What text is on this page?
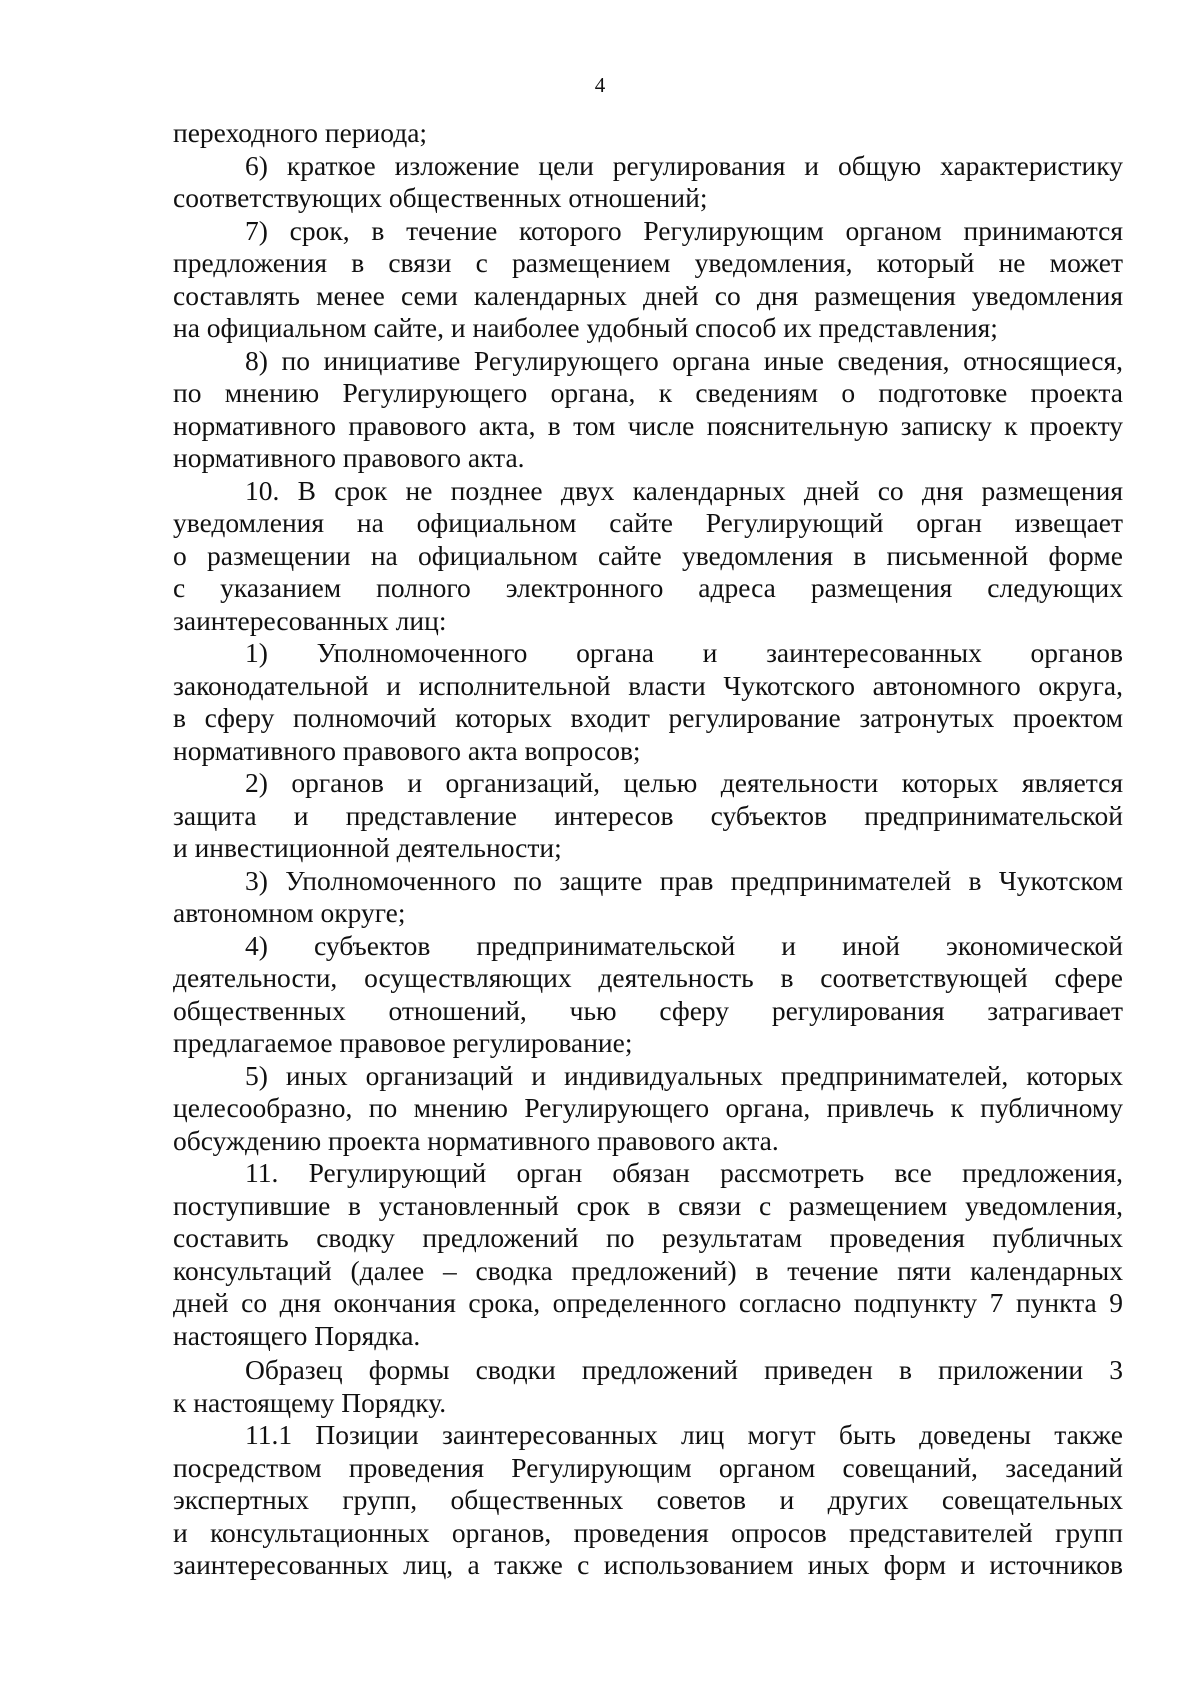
4

переходного периода;

6) краткое изложение цели регулирования и общую характеристику

соответствующих общественных отношений;

7) срок, в течение которого Регулирующим органом принимаются

предложения в связи с размещением уведомления, который не может

составлять менее семи календарных дней со дня размещения уведомления

на официальном сайте, и наиболее удобный способ их представления;

8) по инициативе Регулирующего органа иные сведения, относящиеся,

по мнению Регулирующего органа, к сведениям о подготовке проекта

нормативного правового акта, в том числе пояснительную записку к проекту

нормативного правового акта.

10. В срок не позднее двух календарных дней со дня размещения

уведомления на официальном сайте Регулирующий орган извещает

о размещении на официальном сайте уведомления в письменной форме

с указанием полного электронного адреса размещения следующих

заинтересованных лиц:

1) Уполномоченного органа и заинтересованных органов

законодательной и исполнительной власти Чукотского автономного округа,

в сферу полномочий которых входит регулирование затронутых проектом

нормативного правового акта вопросов;

2) органов и организаций, целью деятельности которых является

защита и представление интересов субъектов предпринимательской

и инвестиционной деятельности;

3) Уполномоченного по защите прав предпринимателей в Чукотском

автономном округе;

4) субъектов предпринимательской и иной экономической

деятельности, осуществляющих деятельность в соответствующей сфере

общественных отношений, чью сферу регулирования затрагивает

предлагаемое правовое регулирование;

5) иных организаций и индивидуальных предпринимателей, которых

целесообразно, по мнению Регулирующего органа, привлечь к публичному

обсуждению проекта нормативного правового акта.

11. Регулирующий орган обязан рассмотреть все предложения,

поступившие в установленный срок в связи с размещением уведомления,

составить сводку предложений по результатам проведения публичных

консультаций (далее – сводка предложений) в течение пяти календарных

дней со дня окончания срока, определенного согласно подпункту 7 пункта 9

настоящего Порядка.

Образец формы сводки предложений приведен в приложении 3

к настоящему Порядку.

11.1 Позиции заинтересованных лиц могут быть доведены также

посредством проведения Регулирующим органом совещаний, заседаний

экспертных групп, общественных советов и других совещательных

и консультационных органов, проведения опросов представителей групп

заинтересованных лиц, а также с использованием иных форм и источников
